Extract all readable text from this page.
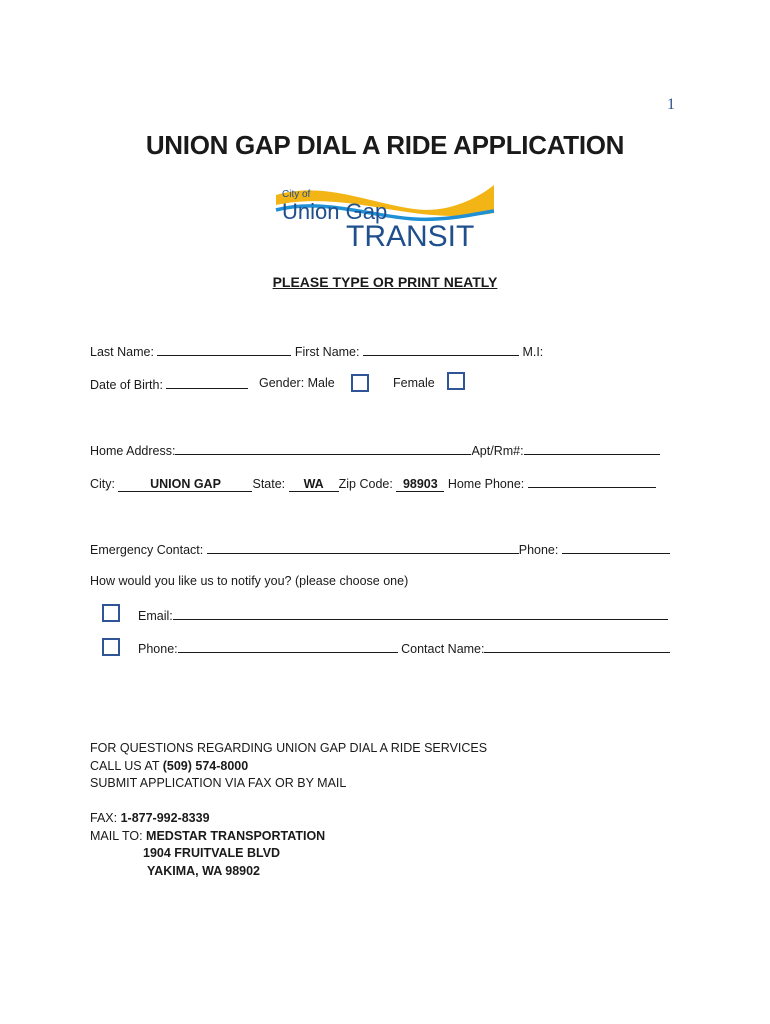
1
UNION GAP DIAL A RIDE APPLICATION
City of
Union Gap
TRANSIT
PLEASE TYPE OR PRINT NEATLY
Last Name:	First Name:	M.I:
Date of Birth:	Gender: Male	Female
Home Address:	Apt/Rm#:
City:	UNION GAP	State: WA Zip Code: 98903 Home Phone:
Emergency Contact:	Phone:
How would you like us to notify you? (please choose one)
Email:
Phone:	Contact Name:
FOR QUESTIONS REGARDING UNION GAP DIAL A RIDE SERVICES
CALL US AT (509) 574-8000
SUBMIT APPLICATION VIA FAX OR BY MAIL
FAX: 1-877-992-8339
MAIL TO: MEDSTAR TRANSPORTATION
1904 FRUITVALE BLVD
YAKIMA, WA 98902
